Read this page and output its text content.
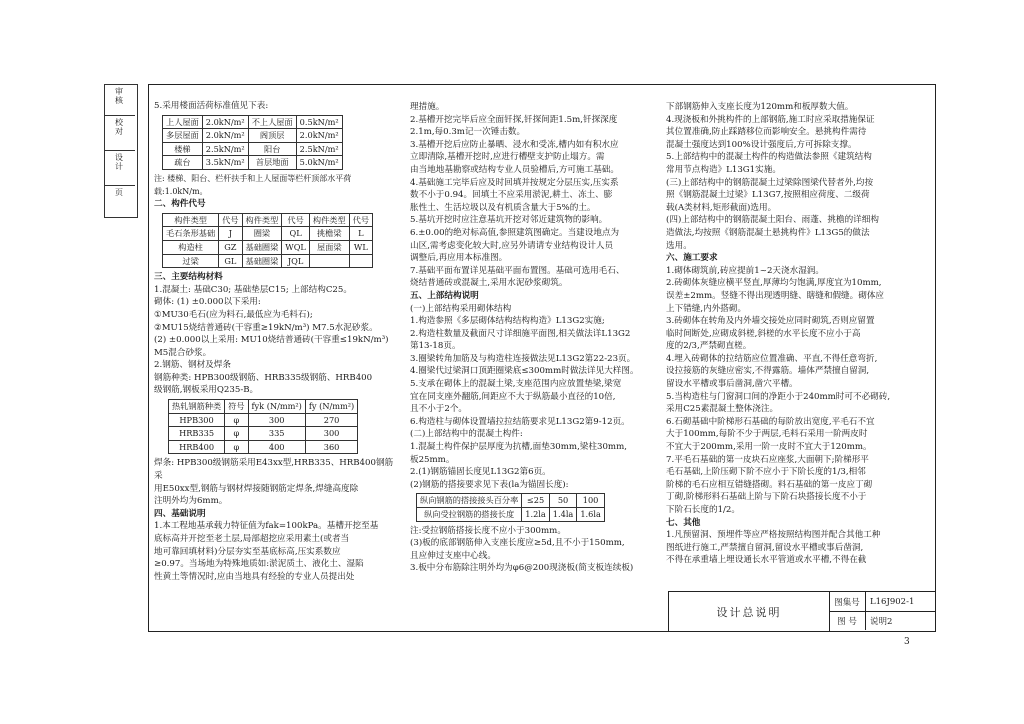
审核
校对
设计
页

5.采用楼面活荷标准值见下表:

上人屋面	2.0kN/m²	不上人屋面	0.5kN/m²
多层屋面	2.0kN/m²	阁顶层	2.0kN/m²
楼梯	2.5kN/m²	阳台	2.5kN/m²
疏台	3.5kN/m²	首层地面	5.0kN/m²

注: 楼梯、阳台、栏杆扶手和上人屋面等栏杆顶部水平荷载:1.0kN/m。

二、构件代号

构件类型	代号	构件类型	代号	构件类型	代号
毛石条形基础	J	圈梁	QL	挑檐梁	L
构造柱	GZ	基础圈梁	WQL	屋面梁	WL
过梁	GL	基础圈梁	JQL		

三、主要结构材料

1.混凝土: 基础C30; 基础垫层C15; 上部结构C25。

砌体: (1) ±0.000以下采用:

①MU30毛石(应为料石,最低应为毛料石);

②MU15烧结普通砖(干容重≥19kN/m³) M7.5水泥砂浆。

(2) ±0.000以上采用: MU10烧结普通砖(干容重≤19kN/m³)
M5混合砂浆。

2.钢筋、钢材及焊条

钢筋种类: HPB300级钢筋、HRB335级钢筋、HRB400
级钢筋,钢板采用Q235-B。

热轧钢筋种类	符号	fyk (N/mm²)	fy (N/mm²)
HPB300	φ	300	270
HRB335	φ	335	300
HRB400	φ	400	360

焊条: HPB300级钢筋采用E43xx型,HRB335、HRB400钢筋采
用E50xx型,钢筋与钢材焊接随钢筋定焊条,焊缝高度除
注明外均为6mm。

四、基础说明

1.本工程地基承载力特征值为fak=100kPa。基槽开挖至基
底标高并开挖至老土层,局部超挖应采用素土(或者当
地可靠回填材料)分层夯实至基底标高,压实系数应
≥0.97。当场地为特殊地质如:淤泥质土、液化土、湿陷
性黄土等情况时,应由当地具有经验的专业人员提出处

理措施。

2.基槽开挖完毕后应全面钎探,钎探间距1.5m,钎探深度
2.1m,每0.3m记一次锤击数。

3.基槽开挖后应防止暴晒、浸水和受冻,槽内如有积水应
立即清除,基槽开挖时,应进行槽壁支护防止塌方。需
由当地地基勘察或结构专业人员验槽后,方可施工基础。

4.基础施工完毕后应及时回填并按规定分层压实,压实系
数不小于0.94。回填土不应采用淤泥,耕土、冻土、膨
胀性土、生活垃圾以及有机质含量大于5%的土。

5.基坑开挖时应注意基坑开挖对邻近建筑物的影响。

6.±0.00的绝对标高值,参照建筑图确定。当建设地点为
山区,需考虑变化较大时,应另外请请专业结构设计人员
调整后,再应用本标准图。

7.基础平面布置详见基础平面布置图。基础可选用毛石、
烧结普通砖或混凝土,采用水泥砂浆砌筑。

五、上部结构说明

(一)上部结构采用砌体结构

1.构造参照《多层砌体结构结构构造》L13G2实施;

2.构造柱数量及截面尺寸详细施平面图,相关做法详L13G2
第13-18页。

3.圈梁转角加筋及与构造柱连接做法见L13G2第22-23页。

4.圈梁代过梁洞口顶距圈梁底≤300mm时做法详见大样图。

5.支承在砌体上的混凝土梁,支座范围内应放置垫梁,梁宽
宜在同支座外翻筋,间距应不大于纵筋最小直径的10倍,
且不小于2个。

6.构造柱与砌体设置墙拉拉结筋要求见L13G2第9-12页。

(二)上部结构中的混凝土构件:

1.混凝土构件保护层厚度为抗槽,面垫30mm,梁柱30mm,
板25mm。

2.(1)钢筋锚固长度见L13G2第6页。

(2)钢筋的搭接要求见下表(la为锚固长度):

纵向钢筋的搭接接头百分率	≤25	50	100
纵向受拉钢筋的搭接长度	1.2la	1.4la	1.6la

注:受拉钢筋搭接长度不应小于300mm。

(3)板的底部钢筋伸入支座长度应≥5d,且不小于150mm,
且应伸过支座中心线。

3.板中分布筋除注明外均为φ6@200现浇板(简支板连续板)

下部钢筋伸入支座长度为120mm和板厚数大值。

4.现浇板和外挑构件的上部钢筋,施工时应采取措施保证
其位置准确,防止踩踏移位而影响安全。悬挑构件需待
混凝土强度达到100%设计强度后,方可拆除支撑。

5.上部结构中的混凝土构件的构造做法参照《建筑结构
常用节点构造》L13G1实施。

(三)上部结构中的钢筋混凝土过梁除图梁代替者外,均按
照《钢筋混凝土过梁》L13G7,按照相应荷度、二级荷
载(A类材料,矩形截面)选用。

(四)上部结构中的钢筋混凝土阳台、雨蓬、挑檐的详细构
造做法,均按照《钢筋混凝土悬挑构件》L13G5的做法
选用。

六、施工要求

1.砌体砌筑前,砖应提前1~2天浇水湿润。

2.砖砌体灰缝应横平竖直,厚薄均匀饱满,厚度宜为10mm,
误差±2mm。竖缝不得出现透明缝、瞎缝和假缝。砌体应
上下错缝,内外搭砌。

3.砖砌体在转角及内外墙交接处应同时砌筑,否则应留置
临时间断处,应砌成斜槎,斜槎的水平长度不应小于高
度的2/3,严禁砌直槎。

4.埋入砖砌体的拉结筋应位置准确、平直,不得任意弯折,
设拉接筋的灰缝应密实,不得露筋。墙体严禁擅自留洞,
留设水平槽或事后凿洞,凿穴平槽。

5.当构造柱与门窗洞口间的净距小于240mm时可不必砌砖,
采用C25素混凝土整体浇注。

6.石砌基础中阶梯形石基础的每阶放出宽度,平毛石不宜
大于100mm,每阶不少于两层,毛料石采用一阶两皮时
不宜大于200mm,采用一阶一皮时不宜大于120mm。

7.平毛石基础的第一皮块石应座浆,大面朝下;阶梯形平
毛石基础,上阶压砌下阶不应小于下阶长度的1/3,相邻
阶梯的毛石应相互错缝搭砌。料石基础的第一皮应丁砌
丁砌,阶梯形料石基础上阶与下阶石块搭接长度不小于
下阶石长度的1/2。

七、其他

1.凡预留洞、预埋件等应严格按照结构图并配合其他工种
图纸进行施工,严禁擅自留洞,留设水平槽或事后凿洞,
不得在承重墙上埋设通长水平管道或水平槽,不得在截

设计总说明
图集号	L16J902-1
图 号	说明2
3
